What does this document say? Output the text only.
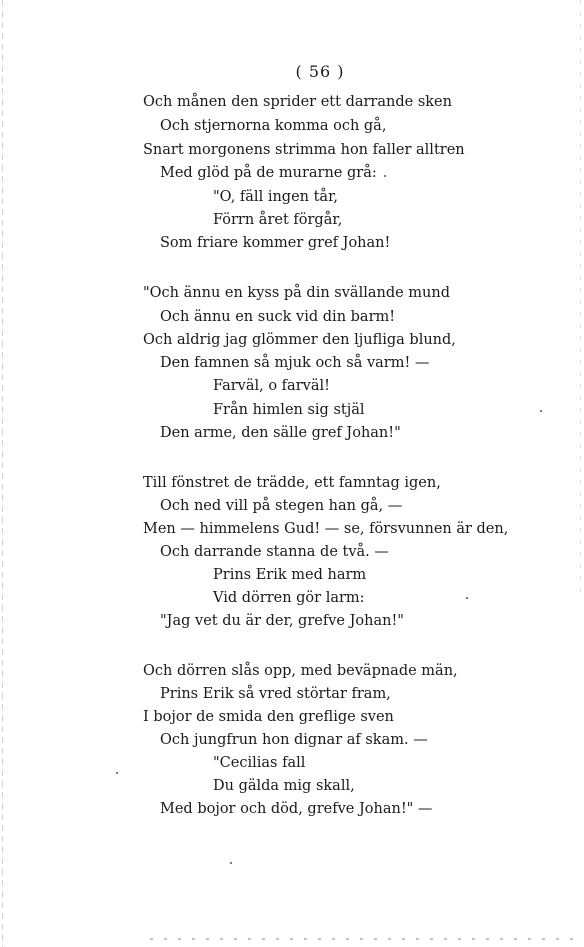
( 56 )
Och månen den sprider ett darrande sken
Och stjernorna komma och gå,
Snart morgonens strimma hon faller alltren
Med glöd på de murarne grå:
"O, fäll ingen tår,
Förrn året förgår,
Som friare kommer gref Johan!
"Och ännu en kyss på din svällande mund
Och ännu en suck vid din barm!
Och aldrig jag glömmer den ljufliga blund,
Den famnen så mjuk och så varm! —
Farväl, o farväl!
Från himlen sig stjäl
Den arme, den sälle gref Johan!"
Till fönstret de trädde, ett famntag igen,
Och ned vill på stegen han gå, —
Men — himmelens Gud! — se, försvunnen är den,
Och darrande stanna de två. —
Prins Erik med harm
Vid dörren gör larm:
"Jag vet du är der, grefve Johan!"
Och dörren slås opp, med beväpnade män,
Prins Erik så vred störtar fram,
I bojor de smida den greflige sven
Och jungfrun hon dignar af skam. —
"Cecilias fall
Du gälda mig skall,
Med bojor och död, grefve Johan!" —
